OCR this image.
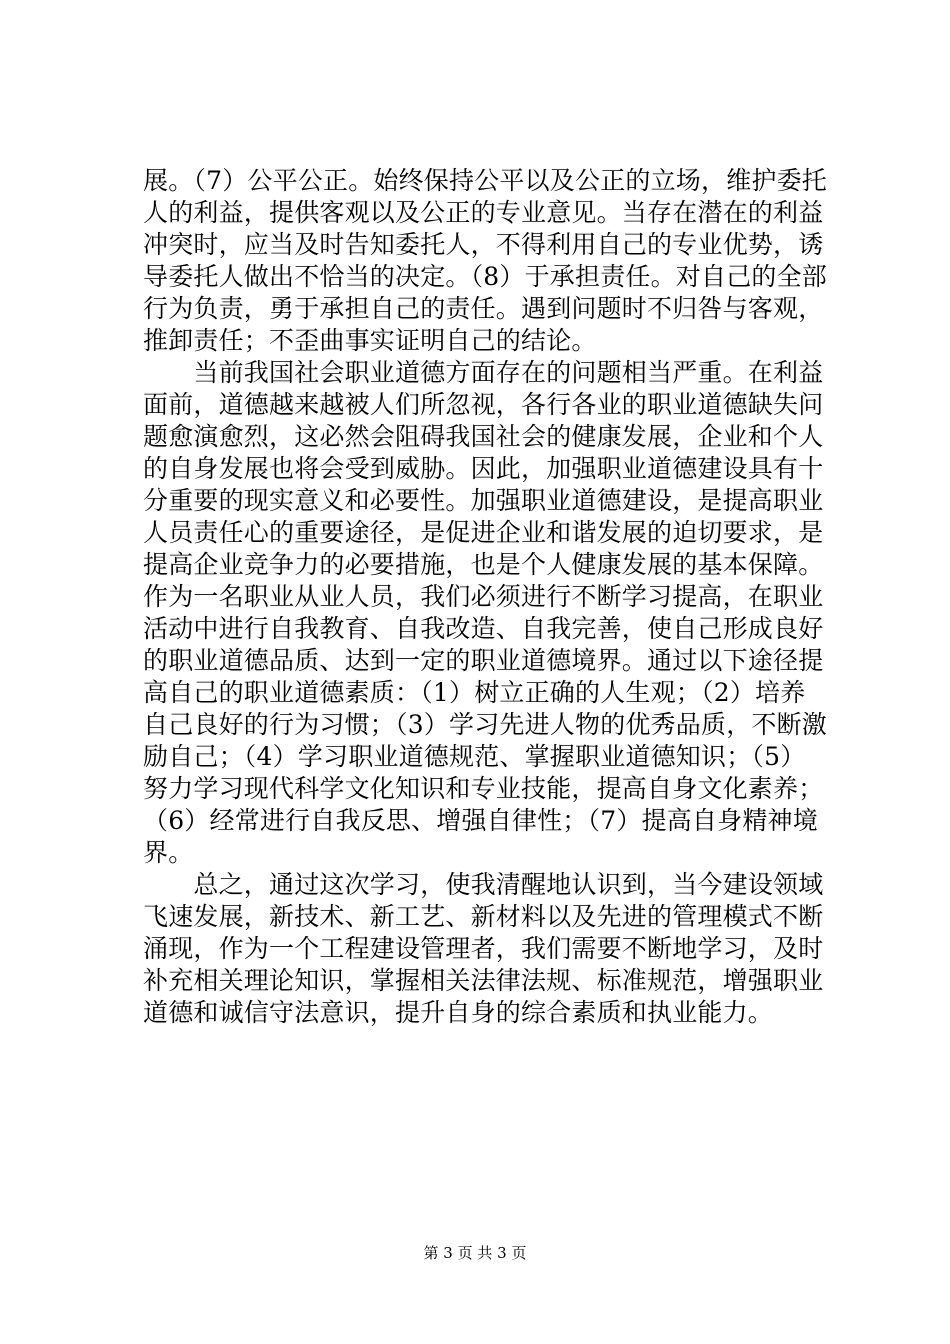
展。（7）公平公正。始终保持公平以及公正的立场，维护委托
人的利益，提供客观以及公正的专业意见。当存在潜在的利益
冲突时，应当及时告知委托人，不得利用自己的专业优势，诱
导委托人做出不恰当的决定。（8）于承担责任。对自己的全部
行为负责，勇于承担自己的责任。遇到问题时不归咎与客观，
推卸责任；不歪曲事实证明自己的结论。
　　当前我国社会职业道德方面存在的问题相当严重。在利益
面前，道德越来越被人们所忽视，各行各业的职业道德缺失问
题愈演愈烈，这必然会阻碍我国社会的健康发展，企业和个人
的自身发展也将会受到威胁。因此，加强职业道德建设具有十
分重要的现实意义和必要性。加强职业道德建设，是提高职业
人员责任心的重要途径，是促进企业和谐发展的迫切要求，是
提高企业竞争力的必要措施，也是个人健康发展的基本保障。
作为一名职业从业人员，我们必须进行不断学习提高，在职业
活动中进行自我教育、自我改造、自我完善，使自己形成良好
的职业道德品质、达到一定的职业道德境界。通过以下途径提
高自己的职业道德素质：（1）树立正确的人生观；（2）培养
自己良好的行为习惯；（3）学习先进人物的优秀品质，不断激
励自己；（4）学习职业道德规范、掌握职业道德知识；（5）
努力学习现代科学文化知识和专业技能，提高自身文化素养；
（6）经常进行自我反思、增强自律性；（7）提高自身精神境
界。
　　总之，通过这次学习，使我清醒地认识到，当今建设领域
飞速发展，新技术、新工艺、新材料以及先进的管理模式不断
涌现，作为一个工程建设管理者，我们需要不断地学习，及时
补充相关理论知识，掌握相关法律法规、标准规范，增强职业
道德和诚信守法意识，提升自身的综合素质和执业能力。
第 3 页 共 3 页
